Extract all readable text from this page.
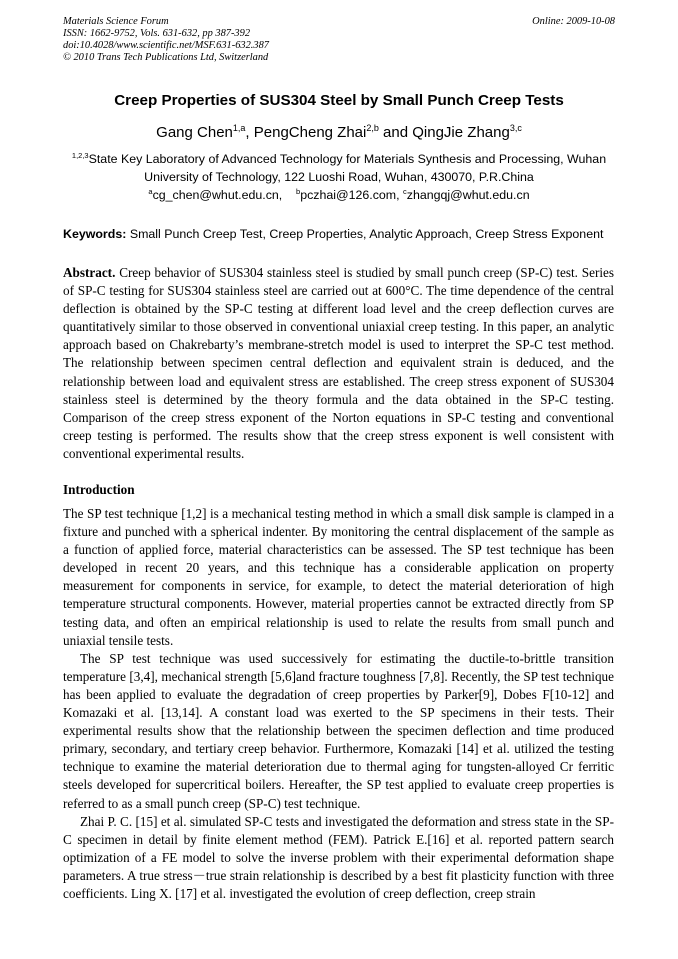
Materials Science Forum
ISSN: 1662-9752, Vols. 631-632, pp 387-392
doi:10.4028/www.scientific.net/MSF.631-632.387
© 2010 Trans Tech Publications Ltd, Switzerland
Online: 2009-10-08
Creep Properties of SUS304 Steel by Small Punch Creep Tests
Gang Chen$^{1,a}$, PengCheng Zhai$^{2,b}$ and QingJie Zhang$^{3,c}$
$^{1,2,3}$State Key Laboratory of Advanced Technology for Materials Synthesis and Processing, Wuhan
University of Technology, 122 Luoshi Road, Wuhan, 430070, P.R.China
$^a$cg_chen@whut.edu.cn, $^b$pczhai@126.com, $^c$zhangqj@whut.edu.cn
Keywords: Small Punch Creep Test, Creep Properties, Analytic Approach, Creep Stress Exponent
Abstract. Creep behavior of SUS304 stainless steel is studied by small punch creep (SP-C) test. Series of SP-C testing for SUS304 stainless steel are carried out at 600°C. The time dependence of the central deflection is obtained by the SP-C testing at different load level and the creep deflection curves are quantitatively similar to those observed in conventional uniaxial creep testing. In this paper, an analytic approach based on Chakrebarty’s membrane-stretch model is used to interpret the SP-C test method. The relationship between specimen central deflection and equivalent strain is deduced, and the relationship between load and equivalent stress are established. The creep stress exponent of SUS304 stainless steel is determined by the theory formula and the data obtained in the SP-C testing. Comparison of the creep stress exponent of the Norton equations in SP-C testing and conventional creep testing is performed. The results show that the creep stress exponent is well consistent with conventional experimental results.
Introduction

The SP test technique [1,2] is a mechanical testing method in which a small disk sample is clamped in a fixture and punched with a spherical indenter. By monitoring the central displacement of the sample as a function of applied force, material characteristics can be assessed. The SP test technique has been developed in recent 20 years, and this technique has a considerable application on property measurement for components in service, for example, to detect the material deterioration of high temperature structural components. However, material properties cannot be extracted directly from SP testing data, and often an empirical relationship is used to relate the results from small punch and uniaxial tensile tests.

The SP test technique was used successively for estimating the ductile-to-brittle transition temperature [3,4], mechanical strength [5,6]and fracture toughness [7,8]. Recently, the SP test technique has been applied to evaluate the degradation of creep properties by Parker[9], Dobes F[10-12] and Komazaki et al. [13,14]. A constant load was exerted to the SP specimens in their tests. Their experimental results show that the relationship between the specimen deflection and time produced primary, secondary, and tertiary creep behavior. Furthermore, Komazaki [14] et al. utilized the testing technique to examine the material deterioration due to thermal aging for tungsten-alloyed Cr ferritic steels developed for supercritical boilers. Hereafter, the SP test applied to evaluate creep properties is referred to as a small punch creep (SP-C) test technique.

Zhai P. C. [15] et al. simulated SP-C tests and investigated the deformation and stress state in the SP-C specimen in detail by finite element method (FEM). Patrick E.[16] et al. reported pattern search optimization of a FE model to solve the inverse problem with their experimental deformation shape parameters. A true stress－true strain relationship is described by a best fit plasticity function with three coefficients. Ling X. [17] et al. investigated the evolution of creep deflection, creep strain
